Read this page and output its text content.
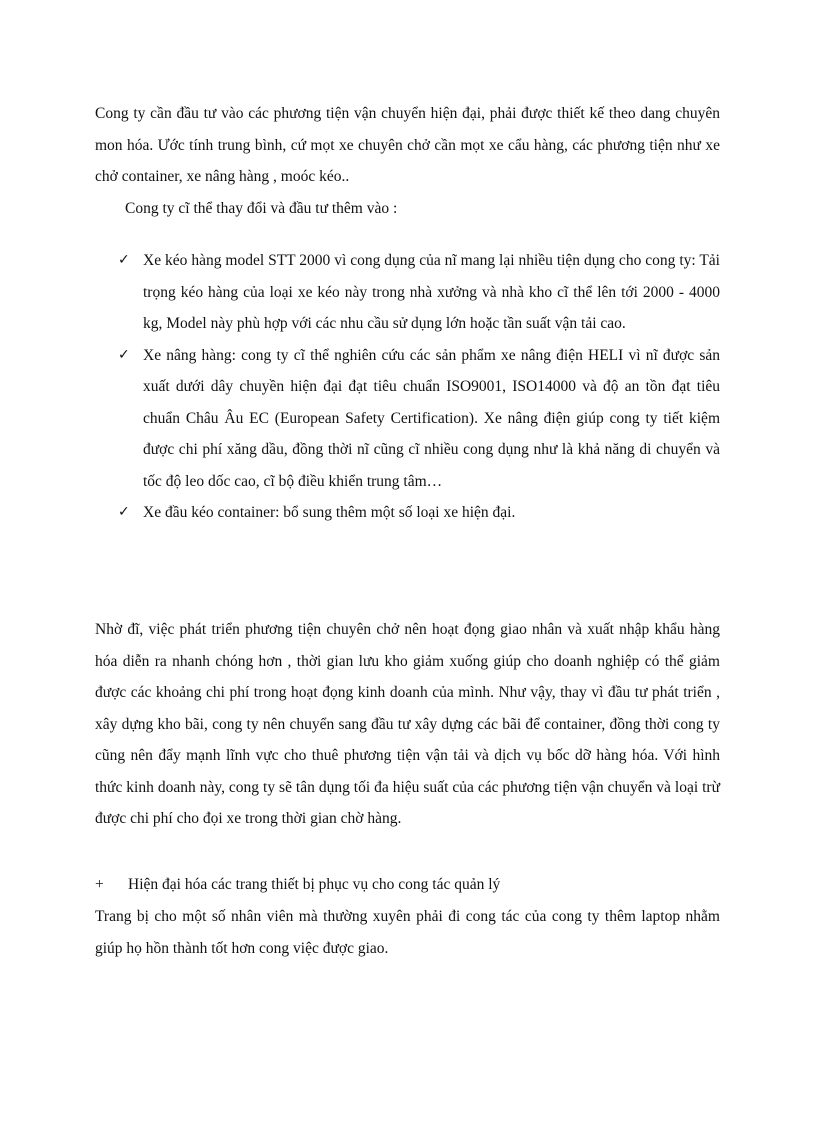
Cong ty cần đầu tư vào các phương tiện vận chuyển hiện đại, phải được thiết kế theo dang chuyên mon hóa. Ước tính trung bình, cứ mọt xe chuyên chở cần mọt xe cẩu hàng, các phương tiện như xe chở container, xe nâng hàng , moóc kéo..

Cong ty cĩ thể thay đổi và đầu tư thêm vào :

✓ Xe kéo hàng model STT 2000 vì cong dụng của nĩ mang lại nhiều tiện dụng cho cong ty: Tải trọng kéo hàng của loại xe kéo này trong nhà xưởng và nhà kho cĩ thể lên tới 2000 - 4000 kg, Model này phù hợp với các nhu cầu sử dụng lớn hoặc tần suất vận tải cao.
✓ Xe nâng hàng: cong ty cĩ thể nghiên cứu các sản phẩm xe nâng điện HELI vì nĩ được sản xuất dưới dây chuyền hiện đại đạt tiêu chuẩn ISO9001, ISO14000 và độ an tồn đạt tiêu chuẩn Châu Âu EC (European Safety Certification). Xe nâng điện giúp cong ty tiết kiệm được chi phí xăng dầu, đồng thời nĩ cũng cĩ nhiều cong dụng như là khả năng di chuyển và tốc độ leo dốc cao, cĩ bộ điều khiển trung tâm…
✓ Xe đầu kéo container: bổ sung thêm một số loại xe hiện đại.

Nhờ đĩ, việc phát triển phương tiện chuyên chở nên hoạt đọng giao nhân và xuất nhập khẩu hàng hóa diễn ra nhanh chóng hơn , thời gian lưu kho giảm xuống giúp cho doanh nghiệp có thể giảm được các khoảng chi phí trong hoạt đọng kinh doanh của mình. Như vậy, thay vì đầu tư phát triển , xây dựng kho bãi, cong ty nên chuyển sang đầu tư xây dựng các bãi để container, đồng thời cong ty cũng nên đẩy mạnh lĩnh vực cho thuê phương tiện vận tải và dịch vụ bốc dỡ hàng hóa. Với hình thức kinh doanh này, cong ty sẽ tân dụng tối đa hiệu suất của các phương tiện vận chuyển và loại trừ được chi phí cho đọi xe trong thời gian chờ hàng.

+ Hiện đại hóa các trang thiết bị phục vụ cho cong tác quản lý

Trang bị cho một số nhân viên mà thường xuyên phải đi cong tác của cong ty thêm laptop nhằm giúp họ hồn thành tốt hơn cong việc được giao.
